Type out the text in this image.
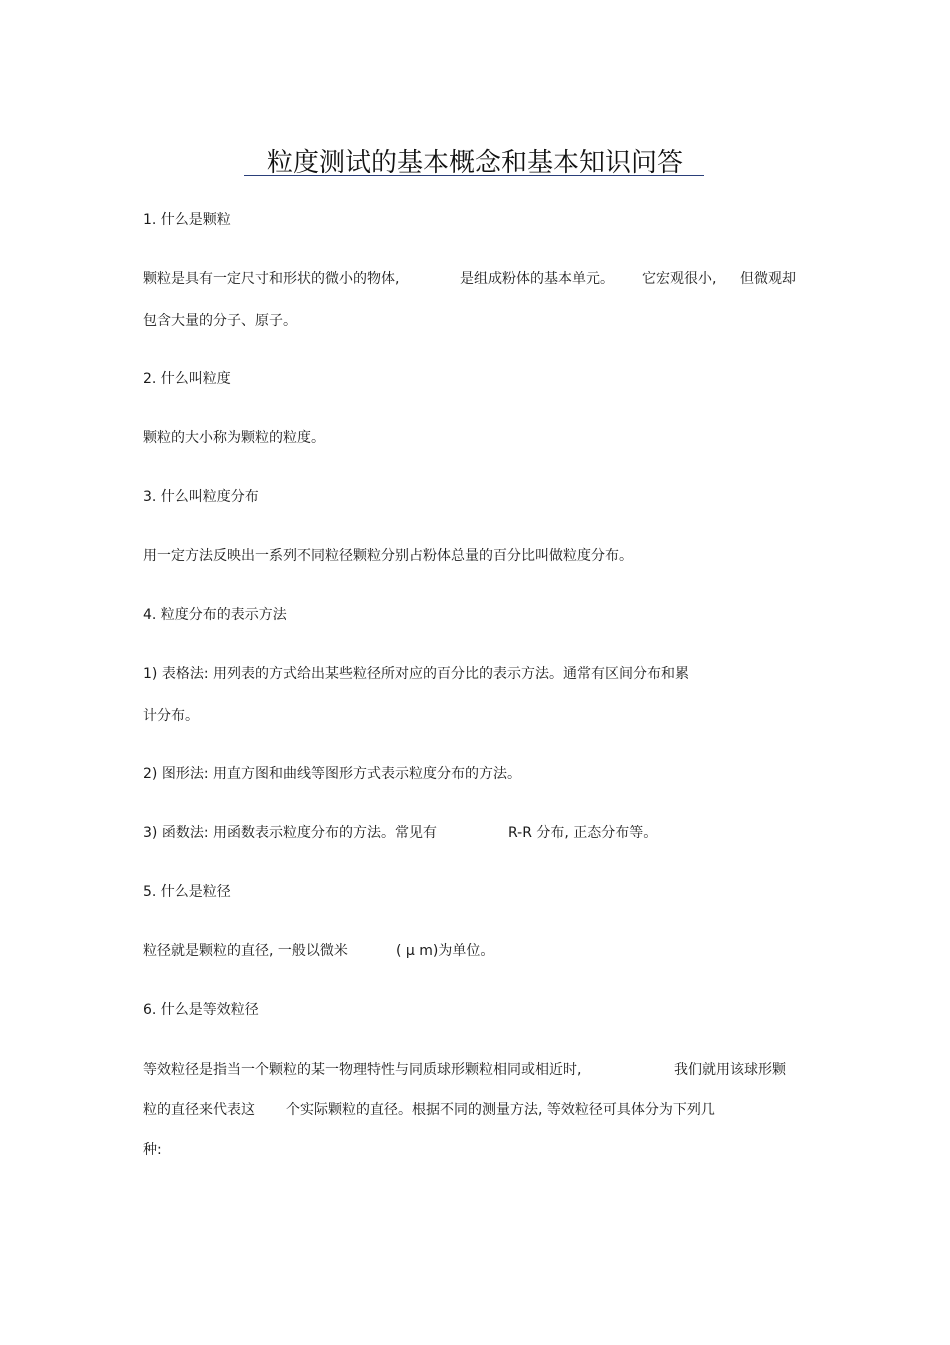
粒度测试的基本概念和基本知识问答
1. 什么是颗粒
颗粒是具有一定尺寸和形状的微小的物体,	是组成粉体的基本单元。 它宏观很小, 但微观却
包含大量的分子、原子。
2. 什么叫粒度
颗粒的大小称为颗粒的粒度。
3. 什么叫粒度分布
用一定方法反映出一系列不同粒径颗粒分别占粉体总量的百分比叫做粒度分布。
4. 粒度分布的表示方法
1) 表格法: 用列表的方式给出某些粒径所对应的百分比的表示方法。通常有区间分布和累
计分布。
2) 图形法: 用直方图和曲线等图形方式表示粒度分布的方法。
3) 函数法: 用函数表示粒度分布的方法。常见有	R-R 分布, 正态分布等。
5. 什么是粒径
粒径就是颗粒的直径, 一般以微米	( μ m)为单位。
6. 什么是等效粒径
等效粒径是指当一个颗粒的某一物理特性与同质球形颗粒相同或相近时,	我们就用该球形颗
粒的直径来代表这 个实际颗粒的直径。根据不同的测量方法, 等效粒径可具体分为下列几
种:
